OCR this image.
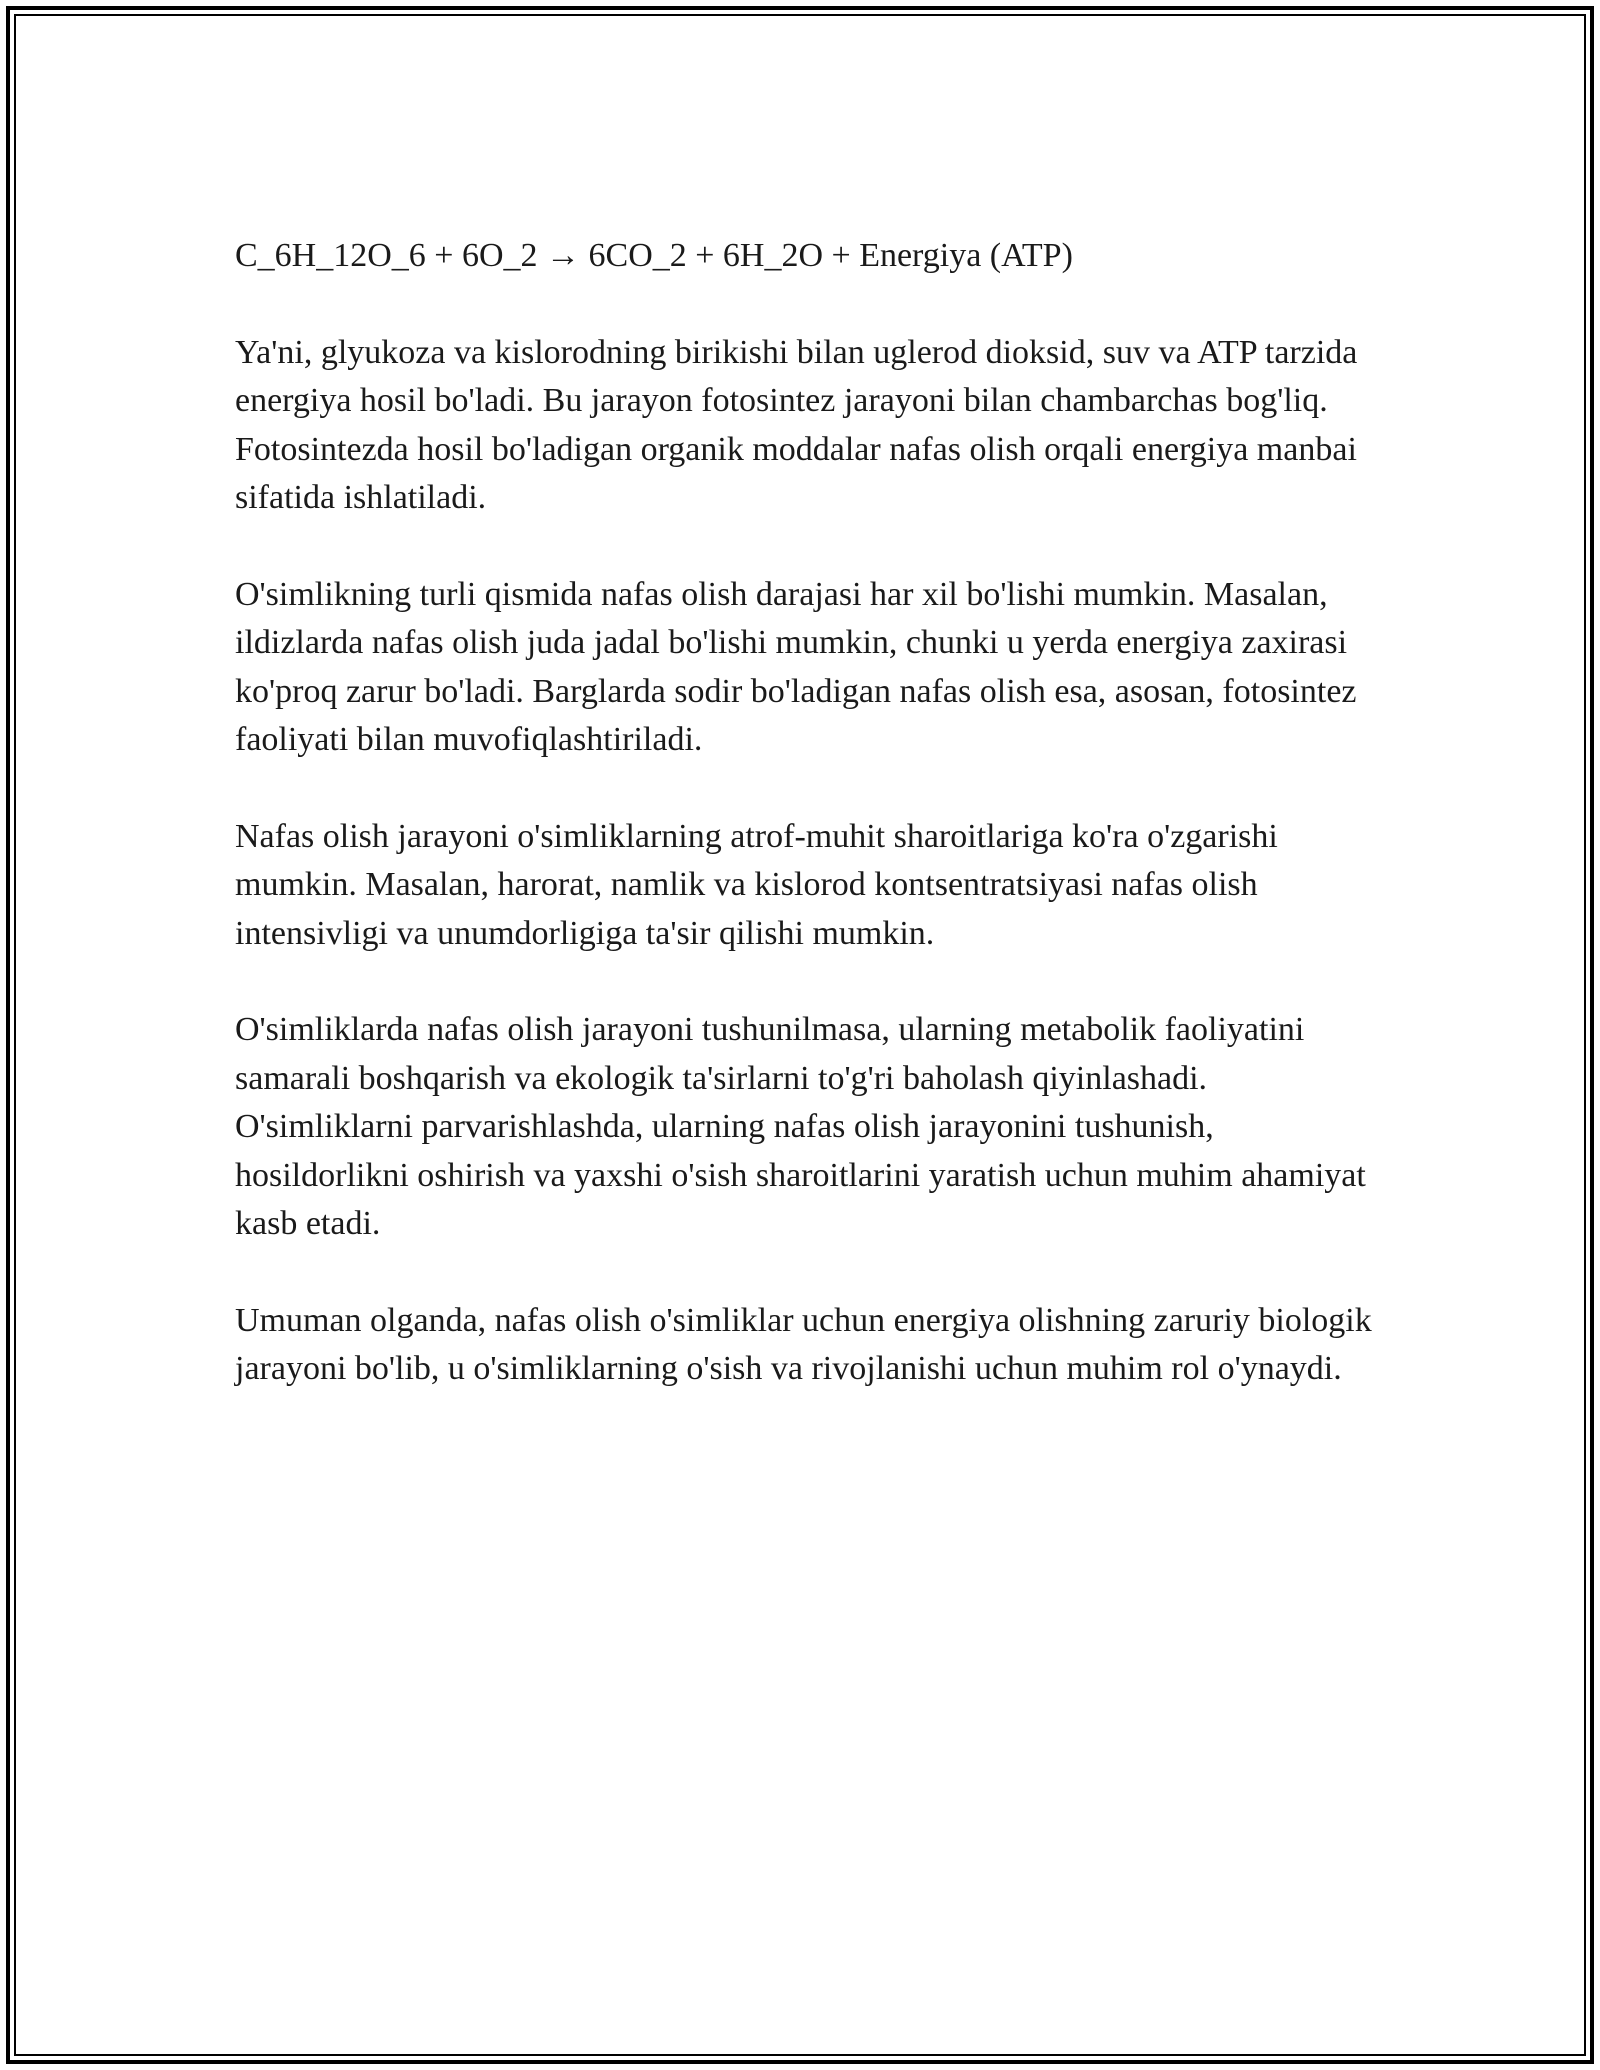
C_6H_12O_6 + 6O_2 → 6CO_2 + 6H_2O + Energiya (ATP)

Ya'ni, glyukoza va kislorodning birikishi bilan uglerod dioksid, suv va ATP tarzida energiya hosil bo'ladi. Bu jarayon fotosintez jarayoni bilan chambarchas bog'liq. Fotosintezda hosil bo'ladigan organik moddalar nafas olish orqali energiya manbai sifatida ishlatiladi.

O'simlikning turli qismida nafas olish darajasi har xil bo'lishi mumkin. Masalan, ildizlarda nafas olish juda jadal bo'lishi mumkin, chunki u yerda energiya zaxirasi ko'proq zarur bo'ladi. Barglarda sodir bo'ladigan nafas olish esa, asosan, fotosintez faoliyati bilan muvofiqlashtiriladi.

Nafas olish jarayoni o'simliklarning atrof-muhit sharoitlariga ko'ra o'zgarishi mumkin. Masalan, harorat, namlik va kislorod kontsentratsiyasi nafas olish intensivligi va unumdorligiga ta'sir qilishi mumkin.

O'simliklarda nafas olish jarayoni tushunilmasa, ularning metabolik faoliyatini samarali boshqarish va ekologik ta'sirlarni to'g'ri baholash qiyinlashadi. O'simliklarni parvarishlashda, ularning nafas olish jarayonini tushunish, hosildorlikni oshirish va yaxshi o'sish sharoitlarini yaratish uchun muhim ahamiyat kasb etadi.

Umuman olganda, nafas olish o'simliklar uchun energiya olishning zaruriy biologik jarayoni bo'lib, u o'simliklarning o'sish va rivojlanishi uchun muhim rol o'ynaydi.
